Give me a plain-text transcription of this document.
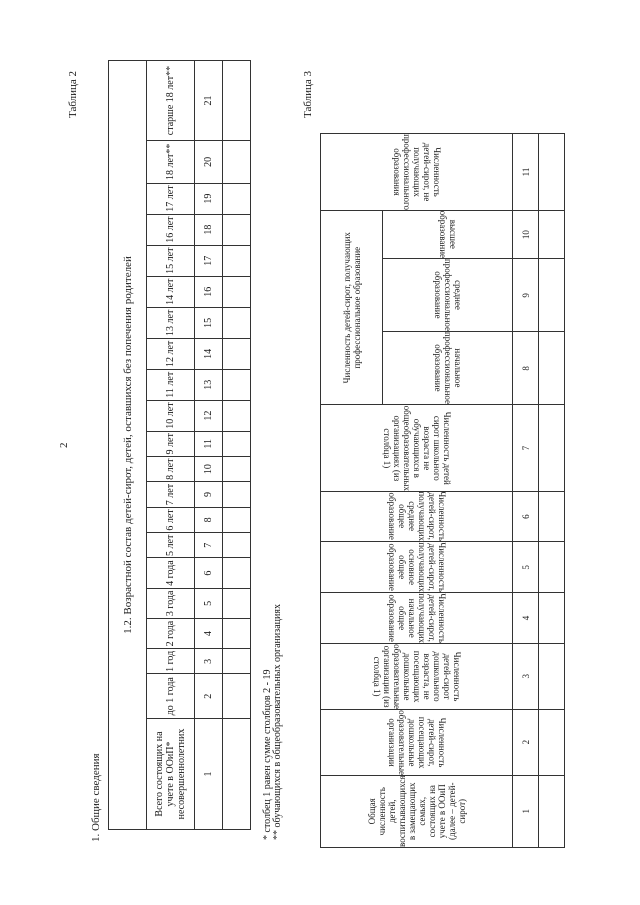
2
Таблица 2	Таблица 3
1. Общие сведения
1.2. Возрастной состав детей-сирот, детей, оставшихся без попечения родителей																				
Всего состоящих на учете в ООиП* несовершеннолетних	до 1 года	1 год	2 года	3 года	4 года	5 лет	6 лет	7 лет	8 лет	9 лет	10 лет	11 лет	12 лет	13 лет	14 лет	15 лет	16 лет	17 лет	18 лет**	старше 18 лет**
1	2	3	4	5	6	7	8	9	10	11	12	13	14	15	16	17	18	19	20	21

* столбец 1 равен сумме столбцов 2 - 19 ** обучающихся в общеобразовательных организациях	Общая численность детей, воспитывающихся в замещающих семьях, состоящих на учете в ООиП (далее – детей-сирот)	Численность детей-сирот, посещающих дошкольные образовательные организации	Численность детей-сирот дошкольного возраста, не посещающих дошкольные образовательные организации (из столбца 1)	Численность детей-сирот, получающих начальное общее образование	Численность детей-сирот, получающих основное общее образование	Численность детей-сирот, получающих среднее общее образование	Численность детей сирот школьного возраста не обучающихся в общеобразовательных организациях (из столбца 1)	Численность детей-сирот, получающих профессиональное образование			Численность детей-сирот, не получающих профессионального образования
							начальное профессиональное образование	среднее профессиональное образование	высшее образование	
1	2	3	4	5	6	7	8	9	10	11
